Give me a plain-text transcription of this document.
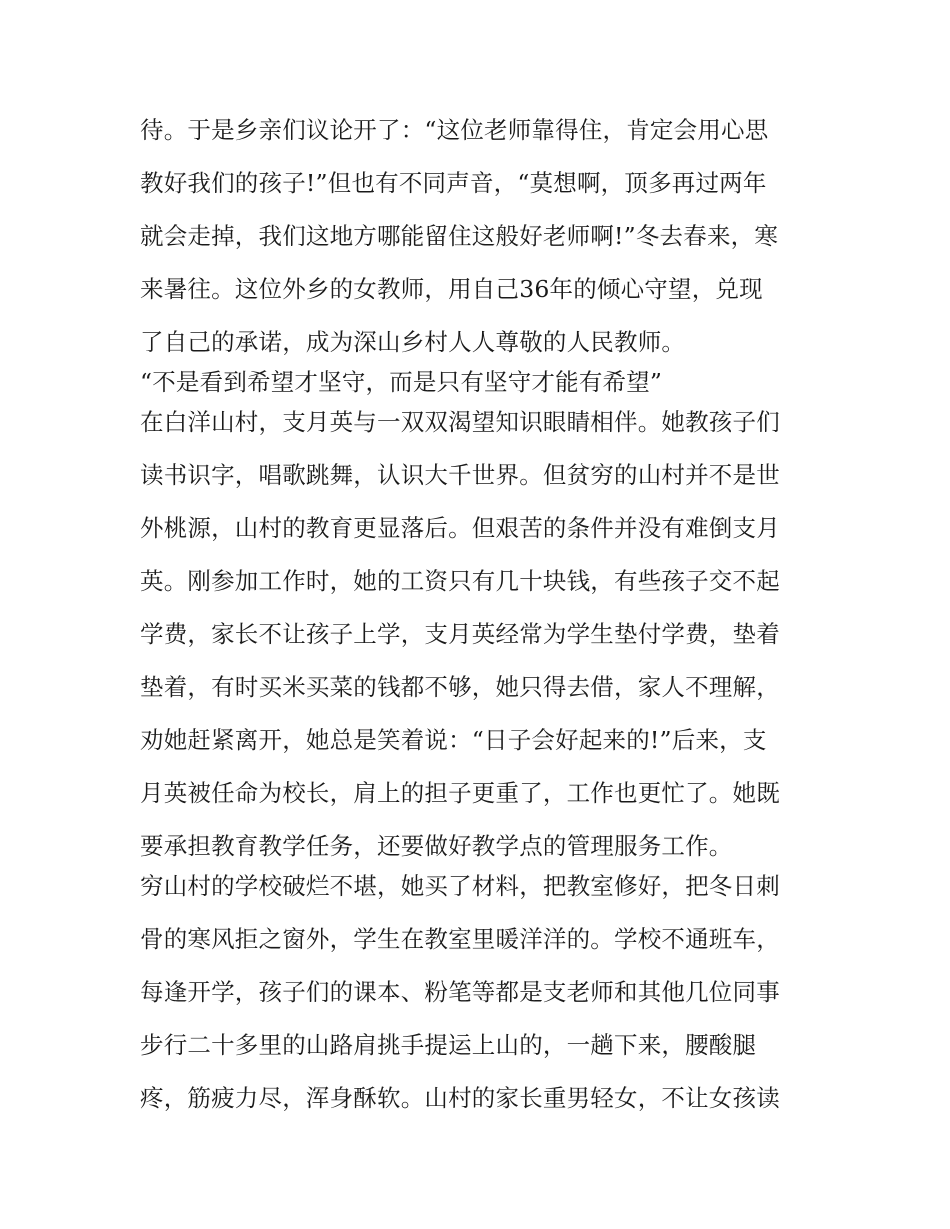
待。于是乡亲们议论开了：“这位老师靠得住，肯定会用心思
教好我们的孩子!”但也有不同声音，“莫想啊，顶多再过两年
就会走掉，我们这地方哪能留住这般好老师啊!”冬去春来，寒
来暑往。这位外乡的女教师，用自己36年的倾心守望，兑现
了自己的承诺，成为深山乡村人人尊敬的人民教师。
“不是看到希望才坚守，而是只有坚守才能有希望”
在白洋山村，支月英与一双双渴望知识眼睛相伴。她教孩子们
读书识字，唱歌跳舞，认识大千世界。但贫穷的山村并不是世
外桃源，山村的教育更显落后。但艰苦的条件并没有难倒支月
英。刚参加工作时，她的工资只有几十块钱，有些孩子交不起
学费，家长不让孩子上学，支月英经常为学生垫付学费，垫着
垫着，有时买米买菜的钱都不够，她只得去借，家人不理解，
劝她赶紧离开，她总是笑着说：“日子会好起来的!”后来，支
月英被任命为校长，肩上的担子更重了，工作也更忙了。她既
要承担教育教学任务，还要做好教学点的管理服务工作。
穷山村的学校破烂不堪，她买了材料，把教室修好，把冬日刺
骨的寒风拒之窗外，学生在教室里暖洋洋的。学校不通班车，
每逢开学，孩子们的课本、粉笔等都是支老师和其他几位同事
步行二十多里的山路肩挑手提运上山的，一趟下来，腰酸腿
疼，筋疲力尽，浑身酥软。山村的家长重男轻女，不让女孩读
